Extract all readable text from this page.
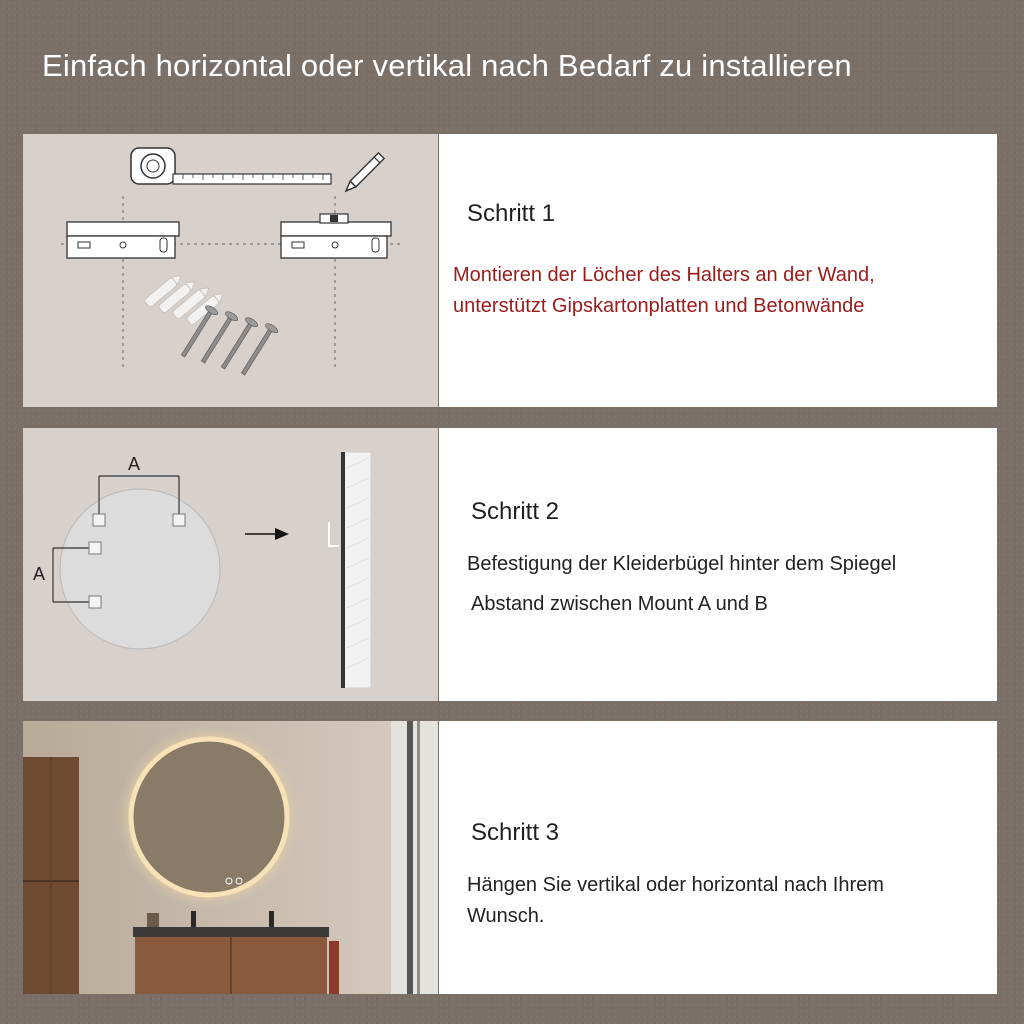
Einfach horizontal oder vertikal nach Bedarf zu installieren
Schritt 1
Montieren der Löcher des Halters an der Wand,
unterstützt Gipskartonplatten und Betonwände
A
A
Schritt 2
Befestigung der Kleiderbügel hinter dem Spiegel
Abstand zwischen Mount A und B
Schritt 3
Hängen Sie vertikal oder horizontal nach Ihrem
Wunsch.
